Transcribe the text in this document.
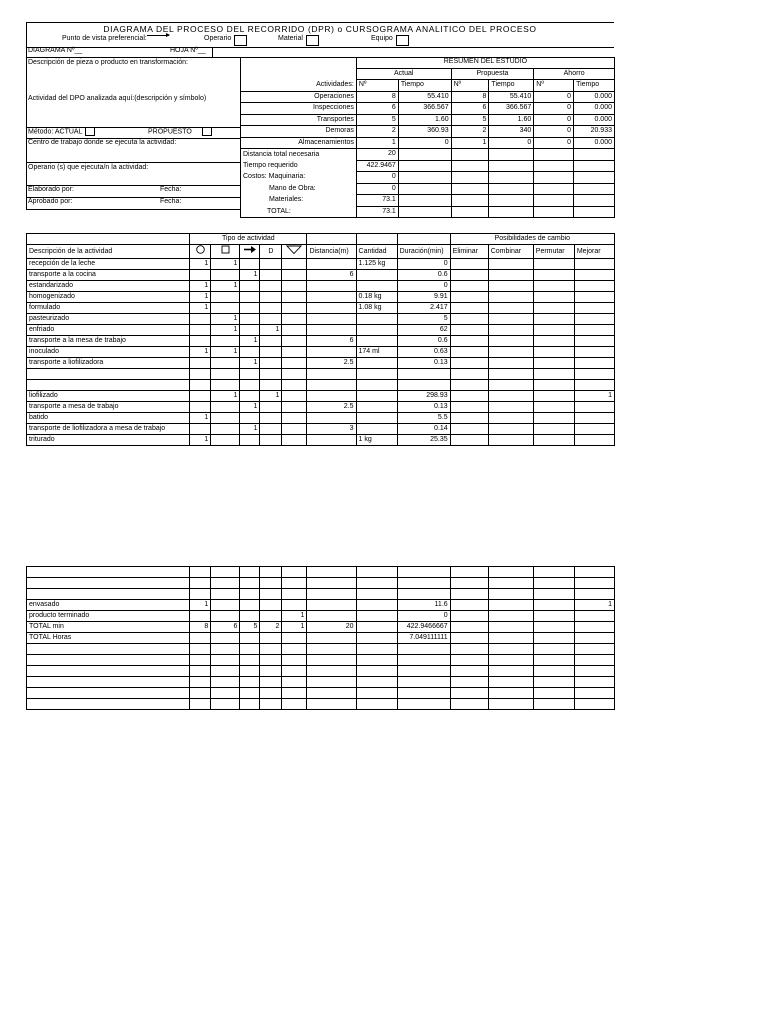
DIAGRAMA DEL PROCESO DEL RECORRIDO (DPR) o CURSOGRAMA ANALITICO DEL PROCESO
Punto de vista preferencial:	Operario	Material	Equipo
DIAGRAMA Nº__	HOJA Nº__
Descripción de pieza o producto en transformación:
Actividad del DPO analizada aquí:(descripción y símbolo)
Método: ACTUAL	PROPUESTO
Centro de trabajo donde se ejecuta la actividad:
Operario (s) que ejecuta/n la actividad:
Elaborado por:	Fecha:
Aprobado por:	Fecha:
	RESUMEN DEL ESTUDIO					
	Actual		Propuesta		Ahorro	
Actividades:	Nº	Tiempo	Nº	Tiempo	Nº	Tiempo

Operaciones	8	55.410	8	55.410	0	0.000

Inspecciones	6	366.567	6	366.567	0	0.000

Transportes	5	1.60	5	1.60	0	0.000

Demoras	2	360.93	2	340	0	20.933

Almacenamientos	1	0	1	0	0	0.000
Distancia total necesaria	20					
Tiempo requerido	422.9467					
Costos: Maquinaria:	0					
Mano de Obra:	0					
Materiales:	73.1					
TOTAL:	73.1					
	Tipo de actividad								Posibilidades de cambio			
Descripción de la actividad				D		Distancia(m)	Cantidad	Duración(min)	Eliminar	Combinar	Permutar	Mejorar
recepción de la leche	1	1					1.125 kg	0				
transporte a la cocina			1			6		0.6				
estandarizado	1	1						0				
homogenizado	1						0.18 kg	9.91				
formulado	1						1.08 kg	2.417				
pasteurizado		1						5				
enfriado		1		1				62				
transporte a la mesa de trabajo			1			6		0.6				
inoculado	1	1					174 ml	0.63				
transporte a liofilizadora			1			2.5		0.13				

liofilizado		1		1				298.93				1
transporte a mesa de trabajo			1			2.5		0.13				
batido	1							5.5				
transporte de liofilizadora a mesa de trabajo			1			3		0.14				
triturado	1						1 kg	25.35				

envasado	1							11.6				1
producto terminado					1			0				
TOTAL min	8	6	5	2	1	20		422.9466667				
TOTAL Horas								7.049111111				
